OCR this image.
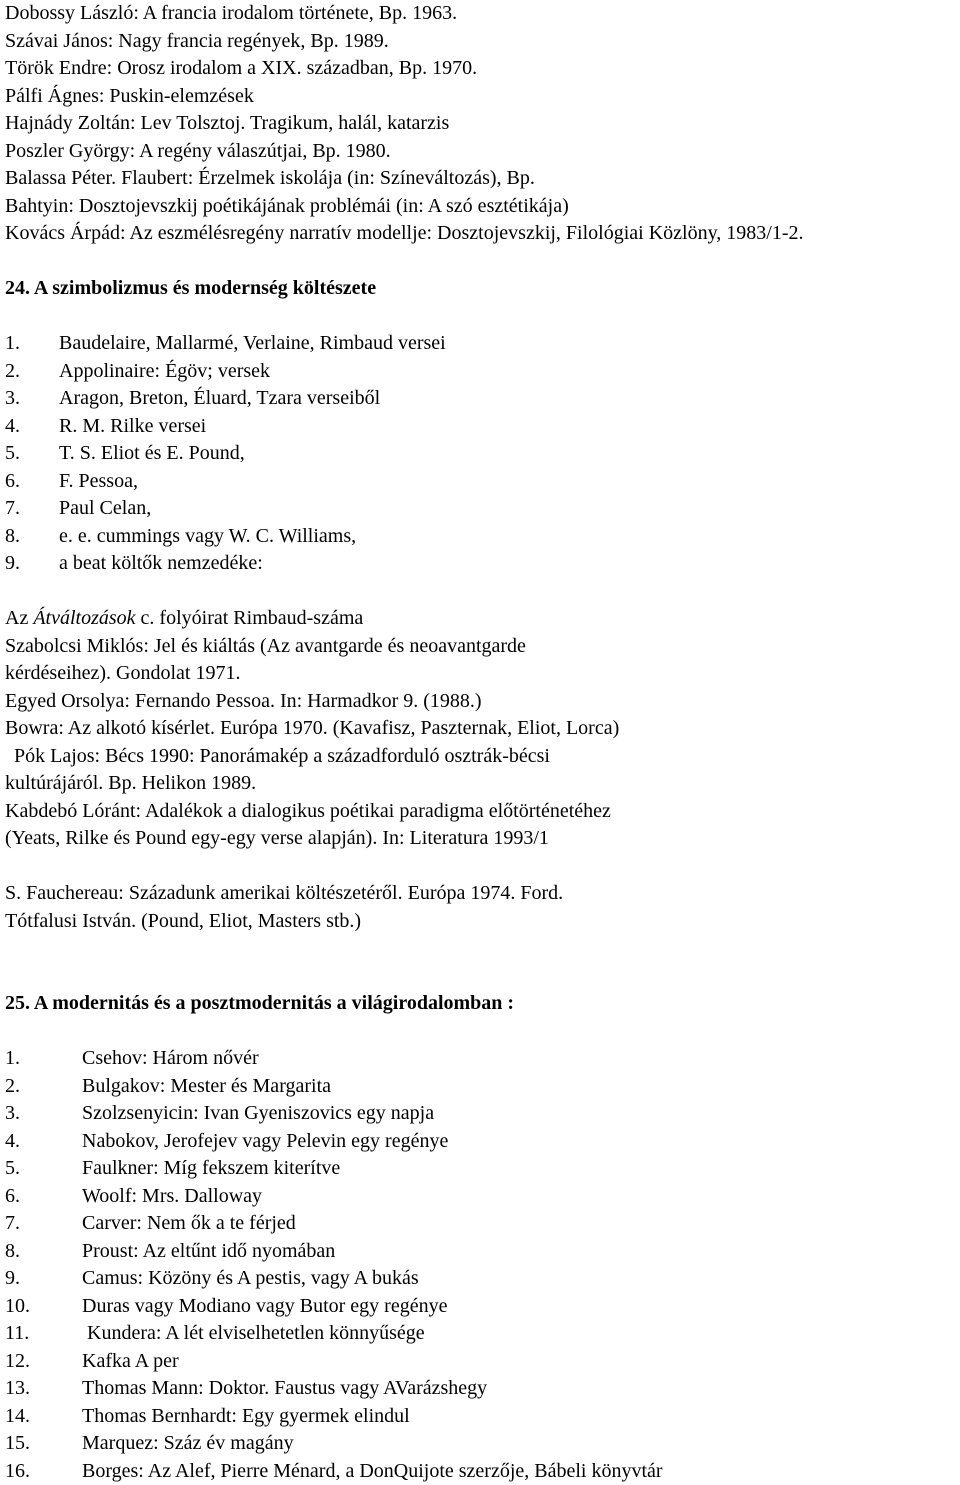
Dobossy László: A francia irodalom története, Bp. 1963.
Szávai János: Nagy francia regények, Bp. 1989.
Török Endre: Orosz irodalom a XIX. században, Bp. 1970.
Pálfi Ágnes: Puskin-elemzések
Hajnády Zoltán: Lev Tolsztoj. Tragikum, halál, katarzis
Poszler György: A regény válaszútjai, Bp. 1980.
Balassa Péter. Flaubert: Érzelmek iskolája (in: Színeváltozás), Bp.
Bahtyin: Dosztojevszkij poétikájának problémái (in: A szó esztétikája)
Kovács Árpád: Az eszmélésregény narratív modellje: Dosztojevszkij, Filológiai Közlöny, 1983/1-2.
24. A szimbolizmus és modernség költészete
1.	Baudelaire, Mallarmé, Verlaine, Rimbaud versei
2.	Appolinaire: Égöv; versek
3.	Aragon, Breton, Éluard, Tzara verseiből
4.	R. M. Rilke versei
5.	T. S. Eliot és E. Pound,
6.	F. Pessoa,
7.	Paul Celan,
8.	e. e. cummings vagy W. C. Williams,
9.	a beat költők nemzedéke:
Az Átváltozások c. folyóirat Rimbaud-száma
Szabolcsi Miklós: Jel és kiáltás (Az avantgarde és neoavantgarde
kérdéseihez). Gondolat 1971.
Egyed Orsolya: Fernando Pessoa. In: Harmadkor 9. (1988.)
Bowra: Az alkotó kísérlet. Európa 1970. (Kavafisz, Paszternak, Eliot, Lorca)
Pók Lajos: Bécs 1990: Panorámakép a századforduló osztrák-bécsi
kultúrájáról. Bp. Helikon 1989.
Kabdebó Lóránt: Adalékok a dialogikus poétikai paradigma előtörténetéhez
(Yeats, Rilke és Pound egy-egy verse alapján). In: Literatura 1993/1
S. Fauchereau: Századunk amerikai költészetéről. Európa 1974. Ford.
Tótfalusi István. (Pound, Eliot, Masters stb.)
25. A modernitás és a posztmodernitás a világirodalomban :
1.	Csehov: Három nővér
2.	Bulgakov: Mester és Margarita
3.	Szolzsenyicin: Ivan Gyeniszovics egy napja
4.	Nabokov, Jerofejev vagy Pelevin egy regénye
5.	Faulkner: Míg fekszem kiterítve
6.	Woolf: Mrs. Dalloway
7.	Carver: Nem ők a te férjed
8.	Proust: Az eltűnt idő nyomában
9.	Camus: Közöny és A pestis, vagy A bukás
10.	Duras vagy Modiano vagy Butor egy regénye
11.	Kundera: A lét elviselhetetlen könnyűsége
12.	Kafka A per
13.	Thomas Mann: Doktor. Faustus vagy AVarázshegy
14.	Thomas Bernhardt: Egy gyermek elindul
15.	Marquez: Száz év magány
16.	Borges: Az Alef, Pierre Ménard, a DonQuijote szerzője, Bábeli könyvtár
